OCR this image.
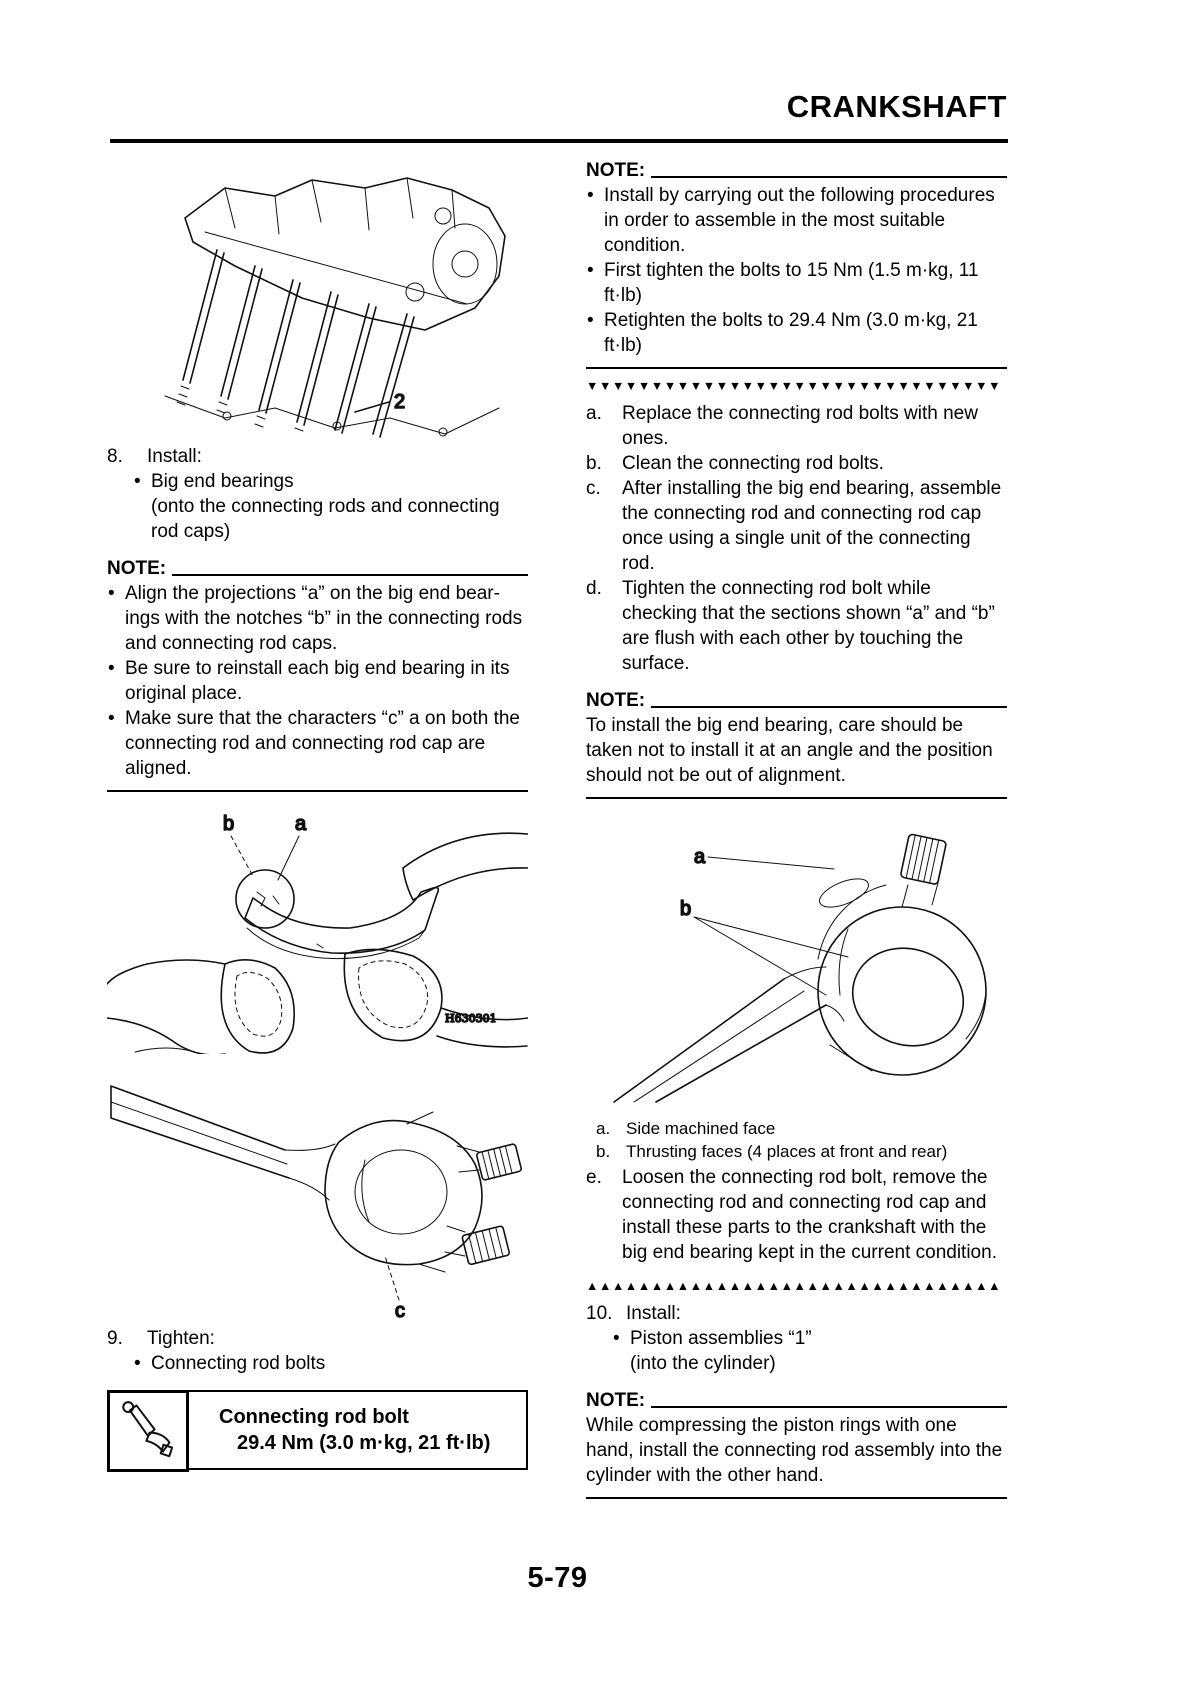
CRANKSHAFT
2
8.	Install:
• Big end bearings
(onto the connecting rods and connecting rod caps)
NOTE:
• Align the projections “a” on the big end bearings with the notches “b” in the connecting rods and connecting rod caps.
• Be sure to reinstall each big end bearing in its original place.
• Make sure that the characters “c” a on both the connecting rod and connecting rod cap are aligned.
b	a
H630301
c
9.	Tighten:
• Connecting rod bolts
Connecting rod bolt
29.4 Nm (3.0 m·kg, 21 ft·lb)
NOTE:
• Install by carrying out the following procedures in order to assemble in the most suitable condition.
• First tighten the bolts to 15 Nm (1.5 m·kg, 11 ft·lb)
• Retighten the bolts to 29.4 Nm (3.0 m·kg, 21 ft·lb)
▼▼▼▼▼▼▼▼▼▼▼▼▼▼▼▼▼▼▼▼▼▼▼▼▼▼▼▼▼▼▼▼
a.	Replace the connecting rod bolts with new ones.
b.	Clean the connecting rod bolts.
c.	After installing the big end bearing, assemble the connecting rod and connecting rod cap once using a single unit of the connecting rod.
d.	Tighten the connecting rod bolt while checking that the sections shown “a” and “b” are flush with each other by touching the surface.
NOTE:
To install the big end bearing, care should be taken not to install it at an angle and the position should not be out of alignment.
a
b
a. Side machined face
b. Thrusting faces (4 places at front and rear)
e.	Loosen the connecting rod bolt, remove the connecting rod and connecting rod cap and install these parts to the crankshaft with the big end bearing kept in the current condition.
▲▲▲▲▲▲▲▲▲▲▲▲▲▲▲▲▲▲▲▲▲▲▲▲▲▲▲▲▲▲▲▲
10. Install:
• Piston assemblies “1”
(into the cylinder)
NOTE:
While compressing the piston rings with one hand, install the connecting rod assembly into the cylinder with the other hand.
5-79
